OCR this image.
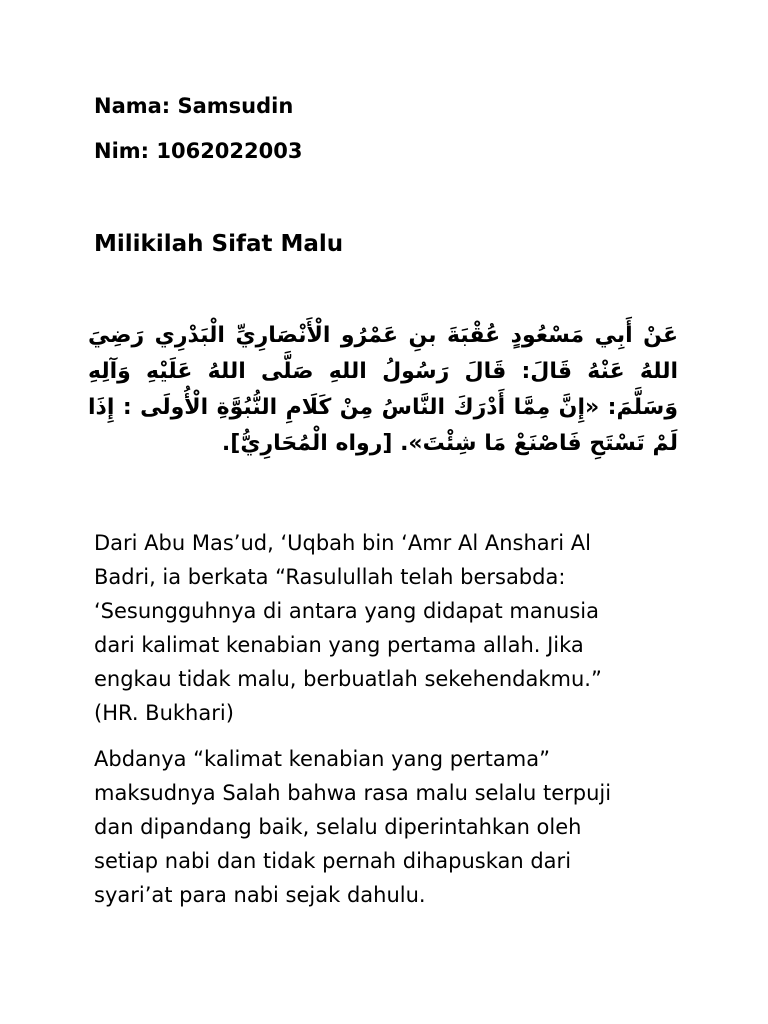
Nama: Samsudin
Nim: 1062022003
Milikilah Sifat Malu
عَنْ أَبِي مَسْعُودٍ عُقْبَةَ بنِ عَمْرُو الْأَنْصَارِيِّ الْبَدْرِي رَضِيَ اللهُ عَنْهُ قَالَ: قَالَ رَسُولُ اللهِ صَلَّى اللهُ عَلَيْهِ وَآلِهِ وَسَلَّمَ: «إِنَّ مِمَّا أَدْرَكَ النَّاسُ مِنْ كَلَامِ النُّبُوَّةِ الْأُولَى : إِذَا لَمْ تَسْتَحِ فَاصْنَعْ مَا شِئْتَ». [رواه الْمُحَارِيُّ].
Dari Abu Mas’ud, ‘Uqbah bin ‘Amr Al Anshari Al
Badri, ia berkata “Rasulullah telah bersabda:
‘Sesungguhnya di antara yang didapat manusia
dari kalimat kenabian yang pertama allah. Jika
engkau tidak malu, berbuatlah sekehendakmu.”
(HR. Bukhari)
Abdanya “kalimat kenabian yang pertama”
maksudnya Salah bahwa rasa malu selalu terpuji
dan dipandang baik, selalu diperintahkan oleh
setiap nabi dan tidak pernah dihapuskan dari
syari’at para nabi sejak dahulu.
